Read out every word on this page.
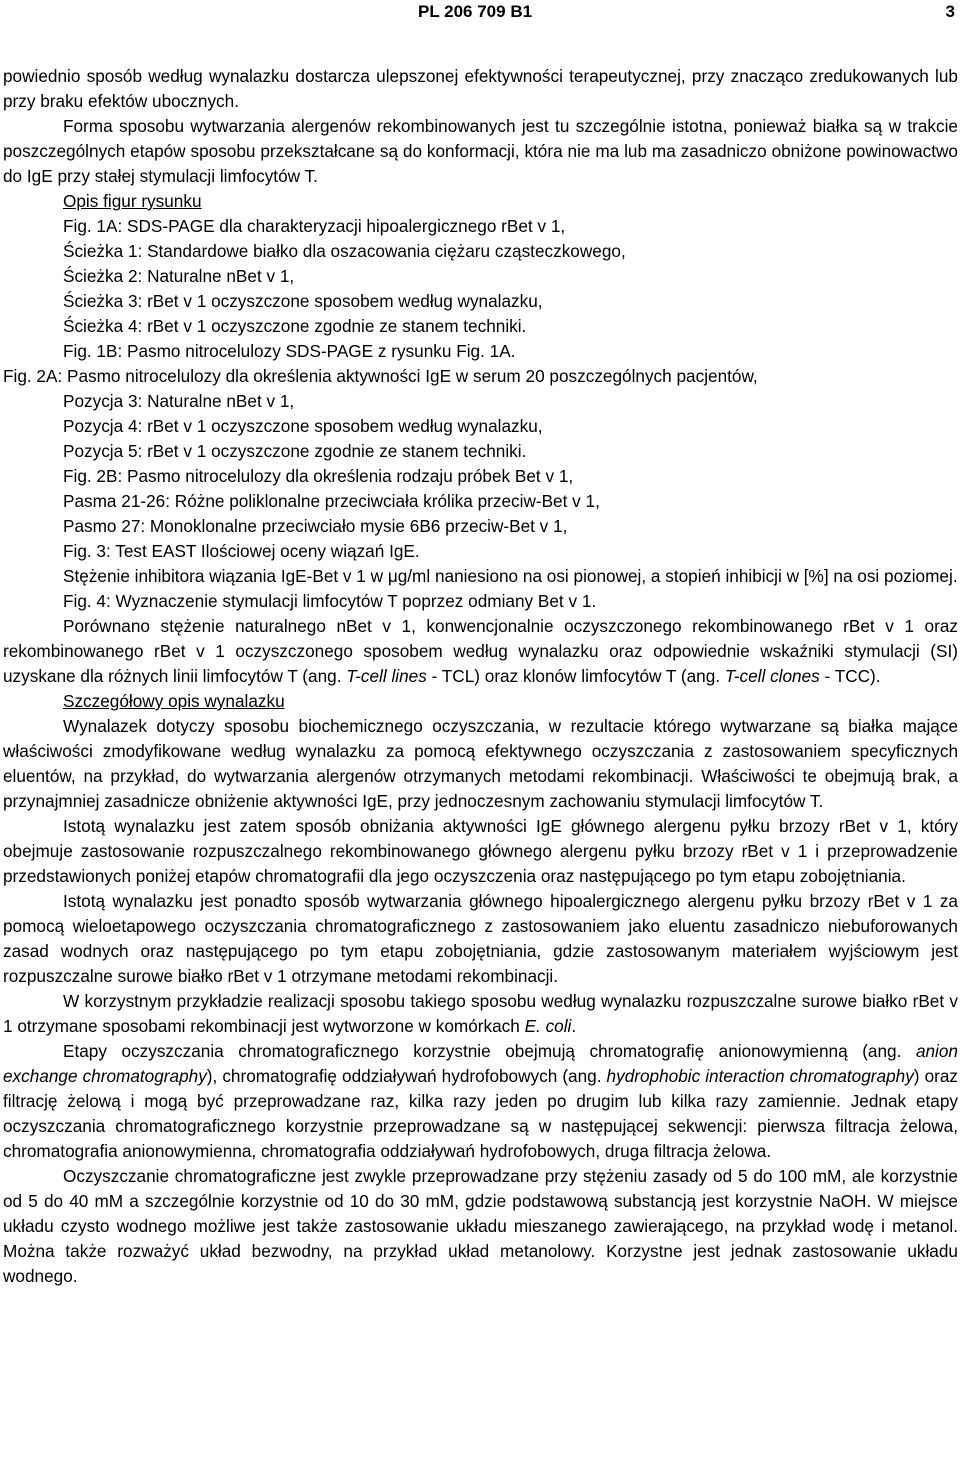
PL 206 709 B1	3

powiednio sposób według wynalazku dostarcza ulepszonej efektywności terapeutycznej, przy znacząco zredukowanych lub przy braku efektów ubocznych.

Forma sposobu wytwarzania alergenów rekombinowanych jest tu szczególnie istotna, ponieważ białka są w trakcie poszczególnych etapów sposobu przekształcane są do konformacji, która nie ma lub ma zasadniczo obniżone powinowactwo do IgE przy stałej stymulacji limfocytów T.

Opis figur rysunku

Fig. 1A: SDS-PAGE dla charakteryzacji hipoalergicznego rBet v 1,

Ścieżka 1: Standardowe białko dla oszacowania ciężaru cząsteczkowego,

Ścieżka 2: Naturalne nBet v 1,

Ścieżka 3: rBet v 1 oczyszczone sposobem według wynalazku,

Ścieżka 4: rBet v 1 oczyszczone zgodnie ze stanem techniki.

Fig. 1B: Pasmo nitrocelulozy SDS-PAGE z rysunku Fig. 1A.

Fig. 2A: Pasmo nitrocelulozy dla określenia aktywności IgE w serum 20 poszczególnych pacjentów,

Pozycja 3: Naturalne nBet v 1,

Pozycja 4: rBet v 1 oczyszczone sposobem według wynalazku,

Pozycja 5: rBet v 1 oczyszczone zgodnie ze stanem techniki.

Fig. 2B: Pasmo nitrocelulozy dla określenia rodzaju próbek Bet v 1,

Pasma 21-26: Różne poliklonalne przeciwciała królika przeciw-Bet v 1,

Pasmo 27: Monoklonalne przeciwciało mysie 6B6 przeciw-Bet v 1,

Fig. 3: Test EAST Ilościowej oceny wiązań IgE.

Stężenie inhibitora wiązania IgE-Bet v 1 w μg/ml naniesiono na osi pionowej, a stopień inhibicji w [%] na osi poziomej.

Fig. 4: Wyznaczenie stymulacji limfocytów T poprzez odmiany Bet v 1.

Porównano stężenie naturalnego nBet v 1, konwencjonalnie oczyszczonego rekombinowanego rBet v 1 oraz rekombinowanego rBet v 1 oczyszczonego sposobem według wynalazku oraz odpowiednie wskaźniki stymulacji (SI) uzyskane dla różnych linii limfocytów T (ang. T-cell lines - TCL) oraz klonów limfocytów T (ang. T-cell clones - TCC).

Szczegółowy opis wynalazku

Wynalazek dotyczy sposobu biochemicznego oczyszczania, w rezultacie którego wytwarzane są białka mające właściwości zmodyfikowane według wynalazku za pomocą efektywnego oczyszczania z zastosowaniem specyficznych eluentów, na przykład, do wytwarzania alergenów otrzymanych metodami rekombinacji. Właściwości te obejmują brak, a przynajmniej zasadnicze obniżenie aktywności IgE, przy jednoczesnym zachowaniu stymulacji limfocytów T.

Istotą wynalazku jest zatem sposób obniżania aktywności IgE głównego alergenu pyłku brzozy rBet v 1, który obejmuje zastosowanie rozpuszczalnego rekombinowanego głównego alergenu pyłku brzozy rBet v 1 i przeprowadzenie przedstawionych poniżej etapów chromatografii dla jego oczyszczenia oraz następującego po tym etapu zobojętniania.

Istotą wynalazku jest ponadto sposób wytwarzania głównego hipoalergicznego alergenu pyłku brzozy rBet v 1 za pomocą wieloetapowego oczyszczania chromatograficznego z zastosowaniem jako eluentu zasadniczo niebuforowanych zasad wodnych oraz następującego po tym etapu zobojętniania, gdzie zastosowanym materiałem wyjściowym jest rozpuszczalne surowe białko rBet v 1 otrzymane metodami rekombinacji.

W korzystnym przykładzie realizacji sposobu takiego sposobu według wynalazku rozpuszczalne surowe białko rBet v 1 otrzymane sposobami rekombinacji jest wytworzone w komórkach E. coli.

Etapy oczyszczania chromatograficznego korzystnie obejmują chromatografię anionowymienną (ang. anion exchange chromatography), chromatografię oddziaływań hydrofobowych (ang. hydrophobic interaction chromatography) oraz filtrację żelową i mogą być przeprowadzane raz, kilka razy jeden po drugim lub kilka razy zamiennie. Jednak etapy oczyszczania chromatograficznego korzystnie przeprowadzane są w następującej sekwencji: pierwsza filtracja żelowa, chromatografia anionowymienna, chromatografia oddziaływań hydrofobowych, druga filtracja żelowa.

Oczyszczanie chromatograficzne jest zwykle przeprowadzane przy stężeniu zasady od 5 do 100 mM, ale korzystnie od 5 do 40 mM a szczególnie korzystnie od 10 do 30 mM, gdzie podstawową substancją jest korzystnie NaOH. W miejsce układu czysto wodnego możliwe jest także zastosowanie układu mieszanego zawierającego, na przykład wodę i metanol. Można także rozważyć układ bezwodny, na przykład układ metanolowy. Korzystne jest jednak zastosowanie układu wodnego.
